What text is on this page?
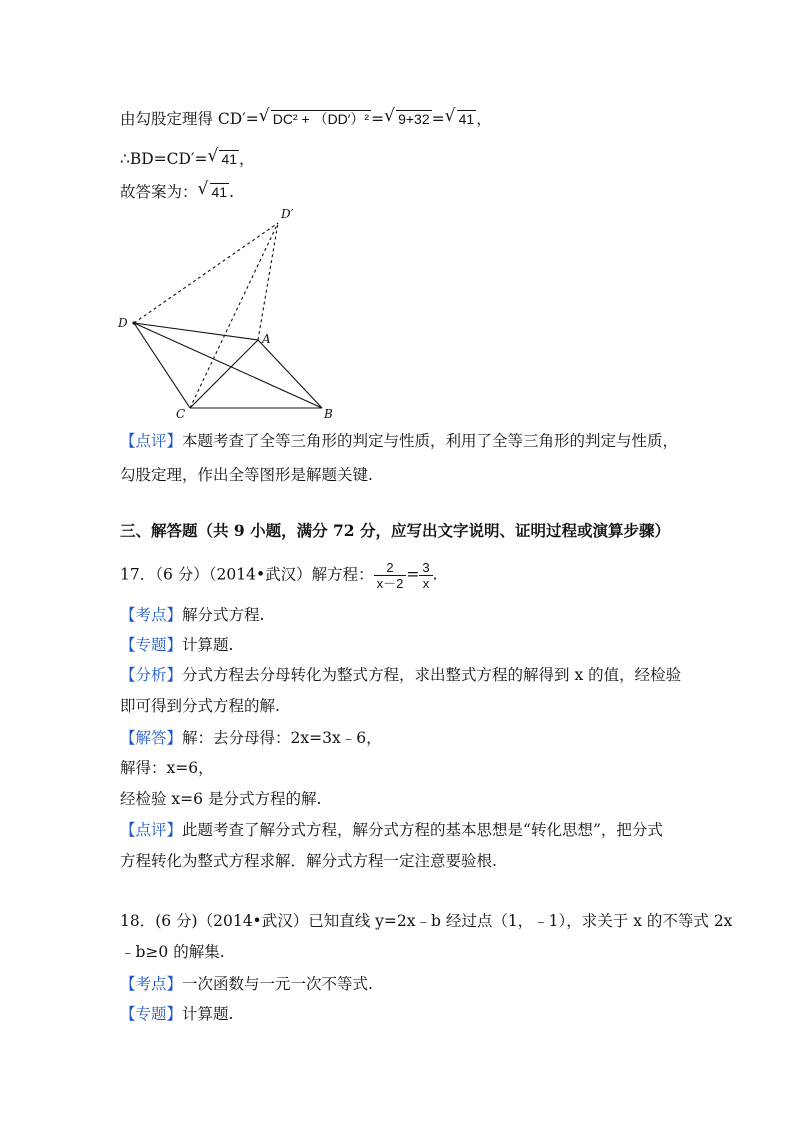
由勾股定理得 CD′= √ DC² + （DD′）² = √ 9+32 = √ 41 ，
∴BD=CD′= √ 41 ，
故答案为： √ 41 .
D′
D
A
C	B
【点评】本题考查了全等三角形的判定与性质，利用了全等三角形的判定与性质，
勾股定理，作出全等图形是解题关键.
三、解答题（共 9 小题，满分 72 分，应写出文字说明、证明过程或演算步骤）
17．（6 分）（2014•武汉）解方程： $\frac{2}{x-2} = \frac{3}{x}$ .
【考点】解分式方程.
【专题】计算题.
【分析】分式方程去分母转化为整式方程，求出整式方程的解得到 x 的值，经检验
即可得到分式方程的解.
【解答】解：去分母得：2x=3x﹣6，
解得：x=6，
经检验 x=6 是分式方程的解.
【点评】此题考查了解分式方程，解分式方程的基本思想是“转化思想”，把分式
方程转化为整式方程求解．解分式方程一定注意要验根.
18．(6 分)（2014•武汉）已知直线 y=2x﹣b 经过点（1，﹣1），求关于 x 的不等式 2x
﹣b≥0 的解集.
【考点】一次函数与一元一次不等式.
【专题】计算题.
